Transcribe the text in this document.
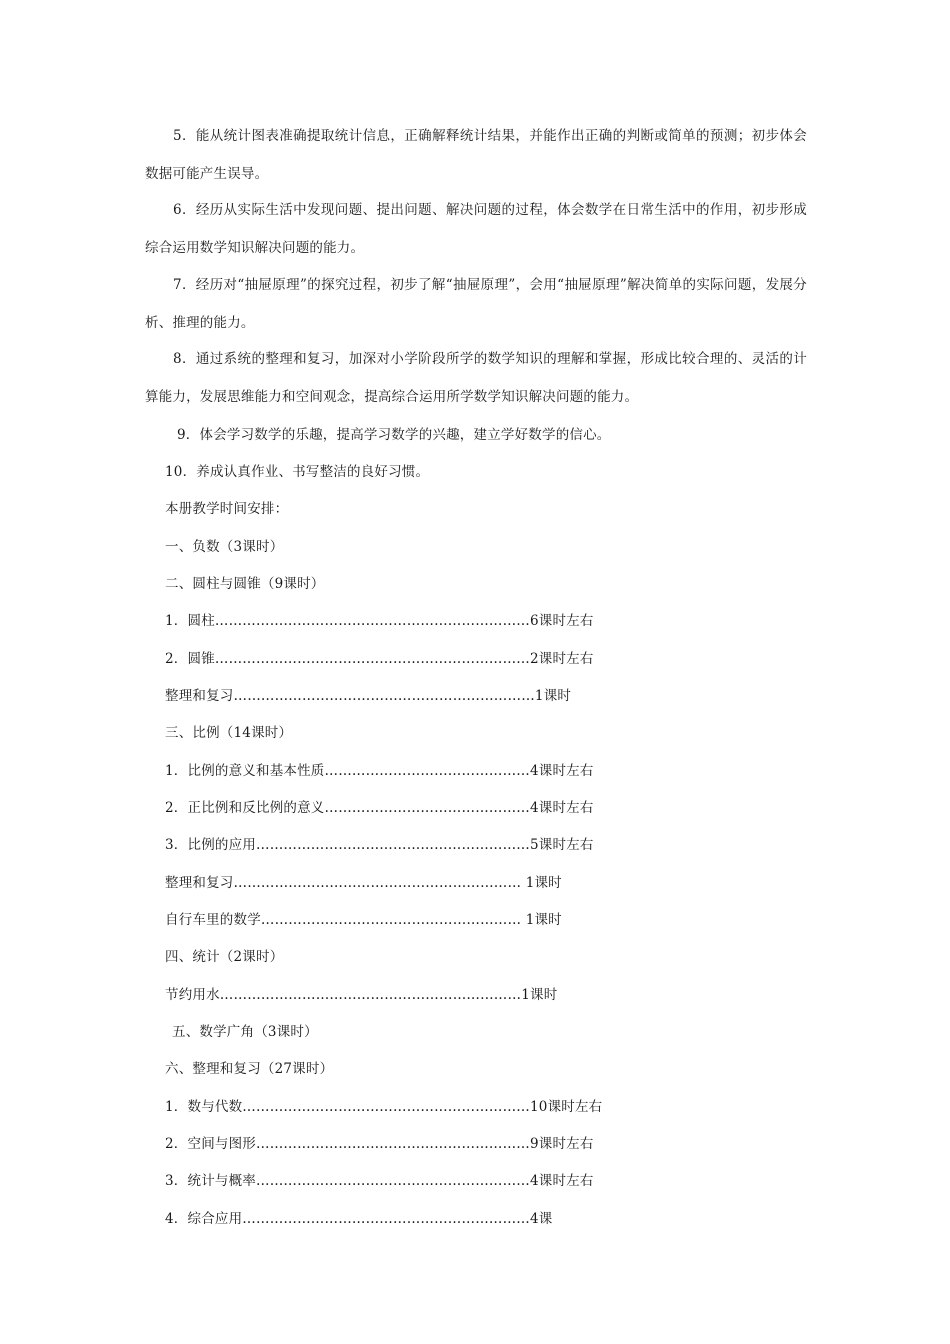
5．能从统计图表准确提取统计信息，正确解释统计结果，并能作出正确的判断或简单的预测；初步体会数据可能产生误导。
6．经历从实际生活中发现问题、提出问题、解决问题的过程，体会数学在日常生活中的作用，初步形成综合运用数学知识解决问题的能力。
7．经历对“抽屉原理”的探究过程，初步了解“抽屉原理”，会用“抽屉原理”解决简单的实际问题，发展分析、推理的能力。
8．通过系统的整理和复习，加深对小学阶段所学的数学知识的理解和掌握，形成比较合理的、灵活的计算能力，发展思维能力和空间观念，提高综合运用所学数学知识解决问题的能力。
9．体会学习数学的乐趣，提高学习数学的兴趣，建立学好数学的信心。
10．养成认真作业、书写整洁的良好习惯。
本册教学时间安排：
一、负数（3课时）
二、圆柱与圆锥（9课时）
1．圆柱……………………………………………………………6课时左右
2．圆锥……………………………………………………………2课时左右
整理和复习…………………………………………………………1课时
三、比例（14课时）
1．比例的意义和基本性质………………………………………4课时左右
2．正比例和反比例的意义………………………………………4课时左右
3．比例的应用……………………………………………………5课时左右
整理和复习……………………………………………………… 1课时
自行车里的数学………………………………………………… 1课时
四、统计（2课时）
节约用水…………………………………………………………1课时
五、数学广角（3课时）
六、整理和复习（27课时）
1．数与代数………………………………………………………10课时左右
2．空间与图形……………………………………………………9课时左右
3．统计与概率……………………………………………………4课时左右
4．综合应用………………………………………………………4课
